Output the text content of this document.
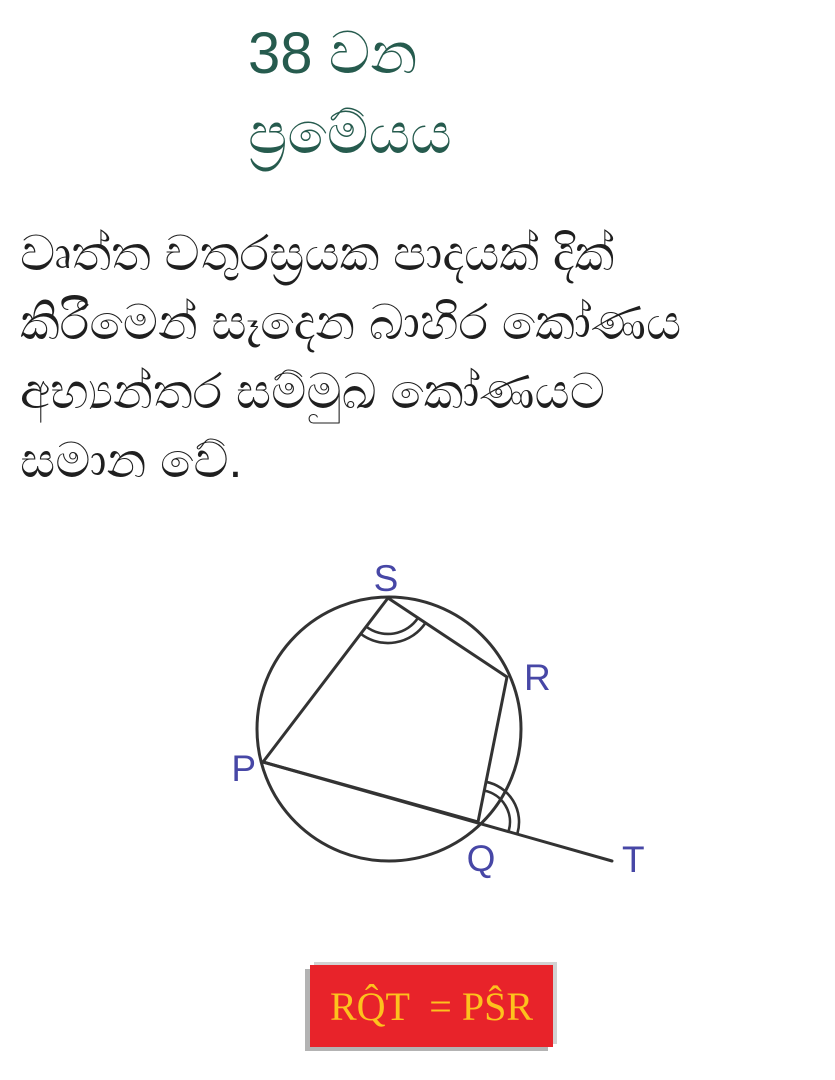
38 වන
ප්‍රමේයය
වෘත්ත චතුරස්‍රයක පාදයක් දික්
කිරීමෙන් සෑදෙන බාහිර කෝණය
අභ්‍යන්තර සම්මුඛ කෝණයට
සමාන වේ.
S
R
P
Q	T
RQ̂T  = PŜR
